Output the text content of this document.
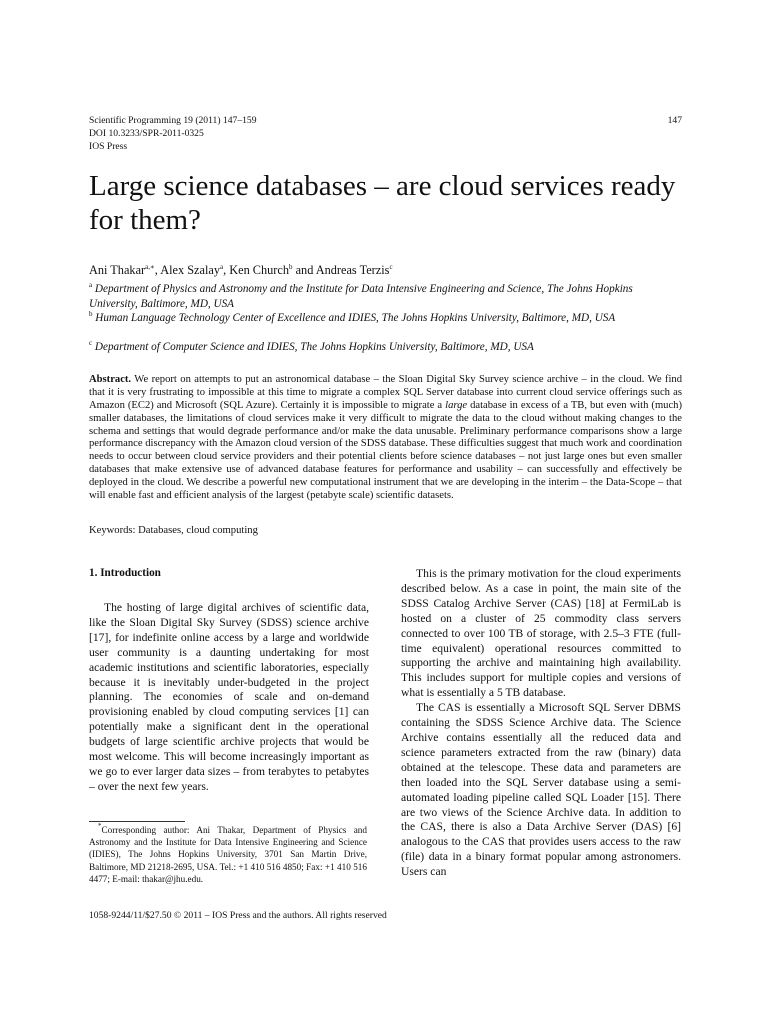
Scientific Programming 19 (2011) 147–159
DOI 10.3233/SPR-2011-0325
IOS Press
147
Large science databases – are cloud services ready for them?
Ani Thakar$^{a,∗}$, Alex Szalay$^a$, Ken Church$^b$ and Andreas Terzis$^c$
$^a$ Department of Physics and Astronomy and the Institute for Data Intensive Engineering and Science, The Johns Hopkins University, Baltimore, MD, USA
$^b$ Human Language Technology Center of Excellence and IDIES, The Johns Hopkins University, Baltimore, MD, USA
$^c$ Department of Computer Science and IDIES, The Johns Hopkins University, Baltimore, MD, USA
Abstract. We report on attempts to put an astronomical database – the Sloan Digital Sky Survey science archive – in the cloud. We find that it is very frustrating to impossible at this time to migrate a complex SQL Server database into current cloud service offerings such as Amazon (EC2) and Microsoft (SQL Azure). Certainly it is impossible to migrate a large database in excess of a TB, but even with (much) smaller databases, the limitations of cloud services make it very difficult to migrate the data to the cloud without making changes to the schema and settings that would degrade performance and/or make the data unusable. Preliminary performance comparisons show a large performance discrepancy with the Amazon cloud version of the SDSS database. These difficulties suggest that much work and coordination needs to occur between cloud service providers and their potential clients before science databases – not just large ones but even smaller databases that make extensive use of advanced database features for performance and usability – can successfully and effectively be deployed in the cloud. We describe a powerful new computational instrument that we are developing in the interim – the Data-Scope – that will enable fast and efficient analysis of the largest (petabyte scale) scientific datasets.
Keywords: Databases, cloud computing
1. Introduction

The hosting of large digital archives of scientific data, like the Sloan Digital Sky Survey (SDSS) science archive [17], for indefinite online access by a large and worldwide user community is a daunting undertaking for most academic institutions and scientific laboratories, especially because it is inevitably under-budgeted in the project planning. The economies of scale and on-demand provisioning enabled by cloud computing services [1] can potentially make a significant dent in the operational budgets of large scientific archive projects that would be most welcome. This will become increasingly important as we go to ever larger data sizes – from terabytes to petabytes – over the next few years.

This is the primary motivation for the cloud experiments described below. As a case in point, the main site of the SDSS Catalog Archive Server (CAS) [18] at FermiLab is hosted on a cluster of 25 commodity class servers connected to over 100 TB of storage, with 2.5–3 FTE (full-time equivalent) operational resources committed to supporting the archive and maintaining high availability. This includes support for multiple copies and versions of what is essentially a 5 TB database.

The CAS is essentially a Microsoft SQL Server DBMS containing the SDSS Science Archive data. The Science Archive contains essentially all the reduced data and science parameters extracted from the raw (binary) data obtained at the telescope. These data and parameters are then loaded into the SQL Server database using a semi-automated loading pipeline called SQL Loader [15]. There are two views of the Science Archive data. In addition to the CAS, there is also a Data Archive Server (DAS) [6] analogous to the CAS that provides users access to the raw (file) data in a binary format popular among astronomers. Users can

*Corresponding author: Ani Thakar, Department of Physics and Astronomy and the Institute for Data Intensive Engineering and Science (IDIES), The Johns Hopkins University, 3701 San Martin Drive, Baltimore, MD 21218-2695, USA. Tel.: +1 410 516 4850; Fax: +1 410 516 4477; E-mail: thakar@jhu.edu.
1058-9244/11/$27.50 © 2011 – IOS Press and the authors. All rights reserved
